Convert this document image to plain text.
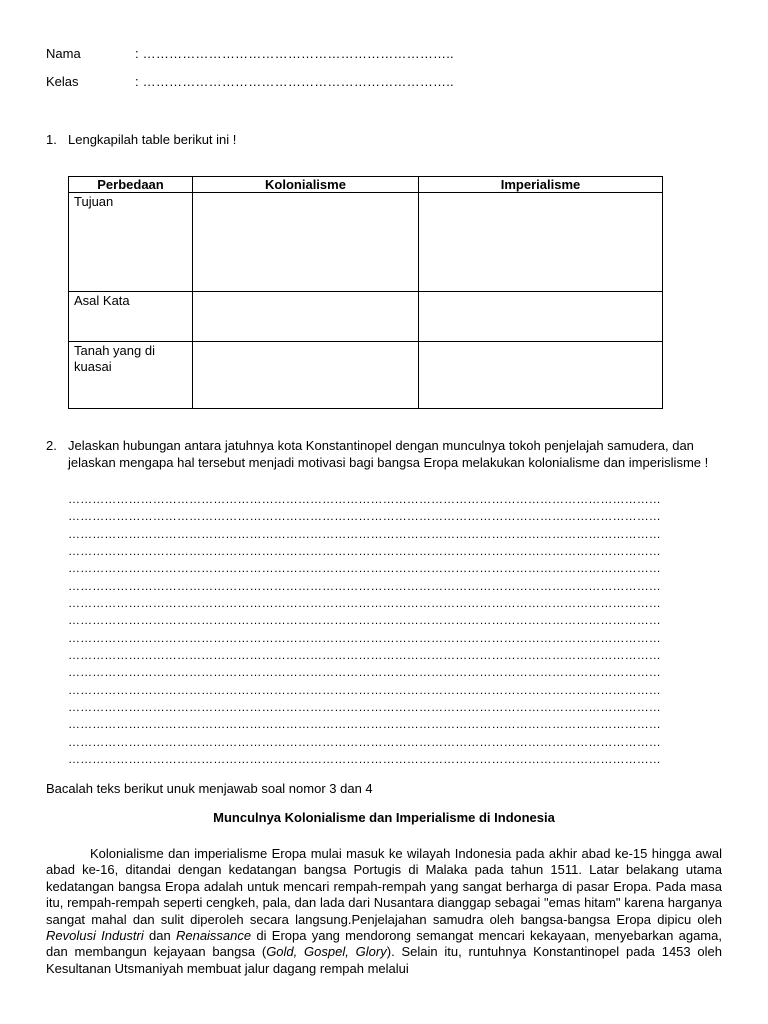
Nama	: ……………………………………………………………..
Kelas	: ……………………………………………………………..
1. Lengkapilah table berikut ini !
Perbedaan	Kolonialisme	Imperialisme
Tujuan		
Asal Kata		
Tanah yang di kuasai		
2. Jelaskan hubungan antara jatuhnya kota Konstantinopel dengan munculnya tokoh penjelajah samudera, dan jelaskan mengapa hal tersebut menjadi motivasi bagi bangsa Eropa melakukan kolonialisme dan imperislisme !
…………………………………………………………………………………………………………………………………
…………………………………………………………………………………………………………………………………
…………………………………………………………………………………………………………………………………
…………………………………………………………………………………………………………………………………
…………………………………………………………………………………………………………………………………
…………………………………………………………………………………………………………………………………
…………………………………………………………………………………………………………………………………
…………………………………………………………………………………………………………………………………
…………………………………………………………………………………………………………………………………
…………………………………………………………………………………………………………………………………
…………………………………………………………………………………………………………………………………
…………………………………………………………………………………………………………………………………
…………………………………………………………………………………………………………………………………
…………………………………………………………………………………………………………………………………
…………………………………………………………………………………………………………………………………
…………………………………………………………………………………………………………………………………
Bacalah teks berikut unuk menjawab soal nomor 3 dan 4
Munculnya Kolonialisme dan Imperialisme di Indonesia
Kolonialisme dan imperialisme Eropa mulai masuk ke wilayah Indonesia pada akhir abad ke-15 hingga awal abad ke-16, ditandai dengan kedatangan bangsa Portugis di Malaka pada tahun 1511. Latar belakang utama kedatangan bangsa Eropa adalah untuk mencari rempah-rempah yang sangat berharga di pasar Eropa. Pada masa itu, rempah-rempah seperti cengkeh, pala, dan lada dari Nusantara dianggap sebagai "emas hitam" karena harganya sangat mahal dan sulit diperoleh secara langsung.Penjelajahan samudra oleh bangsa-bangsa Eropa dipicu oleh Revolusi Industri dan Renaissance di Eropa yang mendorong semangat mencari kekayaan, menyebarkan agama, dan membangun kejayaan bangsa (Gold, Gospel, Glory). Selain itu, runtuhnya Konstantinopel pada 1453 oleh Kesultanan Utsmaniyah membuat jalur dagang rempah melalui
